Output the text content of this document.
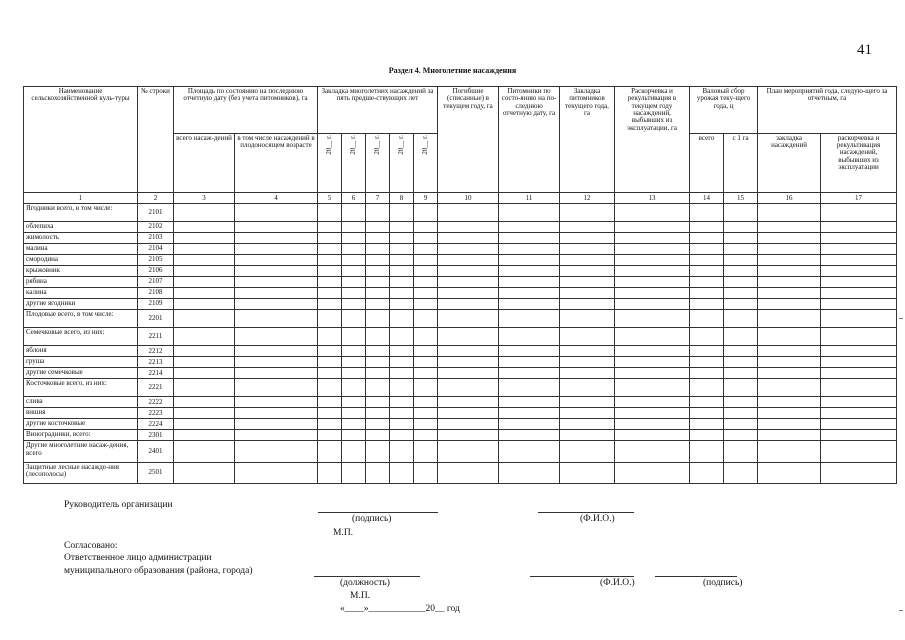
41
Раздел 4. Многолетние насаждения
Наименование сельскохозяйственной куль-туры	№ строки	Площадь по состоянию на последнюю отчетную дату (без учета питомников), га		Закладка многолетних насаждений за пять предше-ствующих лет					Погибшие (списанные) в текущем году, га	Питомники по состо-янию на по-следнюю отчетную дату, га	Закладка питомников текущего года, га	Раскорчевка и рекультивация в текущем году насаждений, выбывших из эксплуатации, га	Валовый сбор урожая теку-щего года, ц		План мероприятий года, следую-щего за отчетным, га	
		всего насаж-дений	в том числе насаждений в плодоносящем возрасте	20__ г.	20__ г.	20__ г.	20__ г.	20__ г.					всего	с 1 га	закладка насаждений	раскорчевка и рекультивация насаждений, выбывших из эксплуатации
1	2	3	4	5	6	7	8	9	10	11	12	13	14	15	16	17
Ягодники всего, в том числе:	2101															
облепиха	2102															
жимолость	2103															
малина	2104															
смородина	2105															
крыжовник	2106															
рябина	2107															
калина	2108															
другие ягодники	2109															
Плодовые всего, в том числе:	2201															
Семечковые всего, из них:	2211															
яблоня	2212															
груша	2213															
другие семечковые	2214															
Косточковые всего, из них:	2221															
слива	2222															
вишня	2223															
другие косточковые	2224															
Виноградники, всего:	2301															
Другие многолетние насаж-дения, всего	2401															
Защитные лесные насажде-ния (лесополосы)	2501															
Руководитель организации
(подпись)	(Ф.И.О.)
М.П.
Согласовано:
Ответственное лицо администрации
муниципального образования (района, города)
(должность)	(Ф.И.О.)	(подпись)
М.П.
«____»____________20__ год
